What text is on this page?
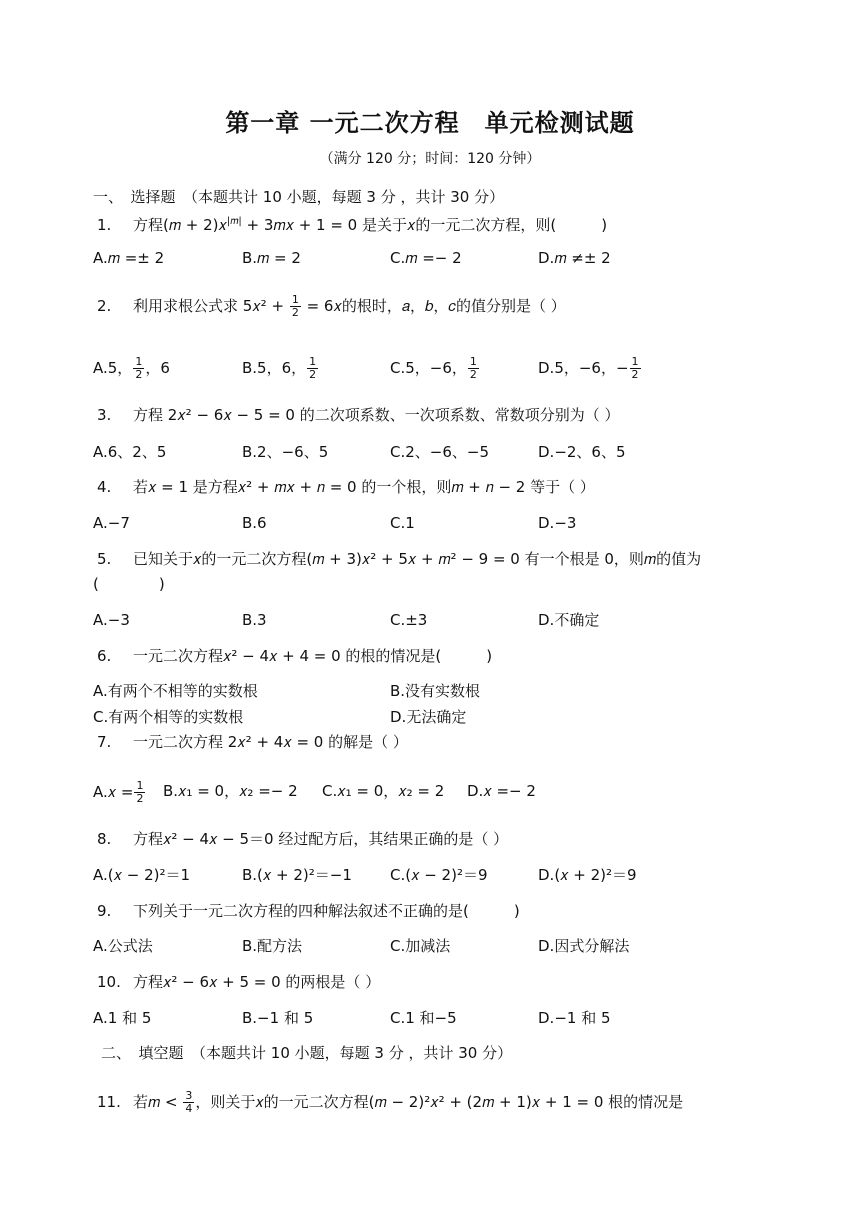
第一章 一元二次方程　单元检测试题
（满分 120 分；时间：120 分钟）
一、　选择题　（本题共计 10 小题，每题 3 分 ，共计 30 分）
1. 方程(𝑚 + 2)𝑥$^{|𝑚|}$ + 3𝑚𝑥 + 1 = 0 是关于𝑥的一元二次方程，则(　　　)
A.𝑚 =± 2	B.𝑚 = 2	C.𝑚 =− 2	D.𝑚 ≠± 2
2. 利用求根公式求 5𝑥² + $\frac{1}{2}$ = 6𝑥的根时，𝑎，𝑏，𝑐的值分别是（ ）
A.5， $\frac{1}{2}$ ，6	B.5，6， $\frac{1}{2}$	C.5，−6， $\frac{1}{2}$	D.5，−6，− $\frac{1}{2}$
3. 方程 2𝑥² − 6𝑥 − 5 = 0 的二次项系数、一次项系数、常数项分别为（ ）
A.6、2、5	B.2、−6、5	C.2、−6、−5	D.−2、6、5
4. 若𝑥 = 1 是方程𝑥² + 𝑚𝑥 + 𝑛 = 0 的一个根，则𝑚 + 𝑛 − 2 等于（ ）
A.−7	B.6	C.1	D.−3
5. 已知关于𝑥的一元二次方程(𝑚 + 3)𝑥² + 5𝑥 + 𝑚² − 9 = 0 有一个根是 0，则𝑚的值为
(　　　　)
A.−3	B.3	C.±3	D.不确定
6. 一元二次方程𝑥² − 4𝑥 + 4 = 0 的根的情况是(　　　)
A.有两个不相等的实数根	B.没有实数根
C.有两个相等的实数根	D.无法确定
7. 一元二次方程 2𝑥² + 4𝑥 = 0 的解是（ ）
A.𝑥 = $\frac{1}{2}$ B.𝑥₁ = 0，𝑥₂ =− 2 C.𝑥₁ = 0，𝑥₂ = 2 D.𝑥 =− 2
8. 方程𝑥² − 4𝑥 − 5＝0 经过配方后，其结果正确的是（ ）
A.(𝑥 − 2)²＝1	B.(𝑥 + 2)²＝−1	C.(𝑥 − 2)²＝9	D.(𝑥 + 2)²＝9
9. 下列关于一元二次方程的四种解法叙述不正确的是(　　　)
A.公式法	B.配方法	C.加减法	D.因式分解法
10. 方程𝑥² − 6𝑥 + 5 = 0 的两根是（ ）
A.1 和 5	B.−1 和 5	C.1 和−5	D.−1 和 5
二、　填空题　（本题共计 10 小题，每题 3 分 ，共计 30 分）
11. 若𝑚 < $\frac{3}{4}$ ，则关于𝑥的一元二次方程(𝑚 − 2)²𝑥² + (2𝑚 + 1)𝑥 + 1 = 0 根的情况是
